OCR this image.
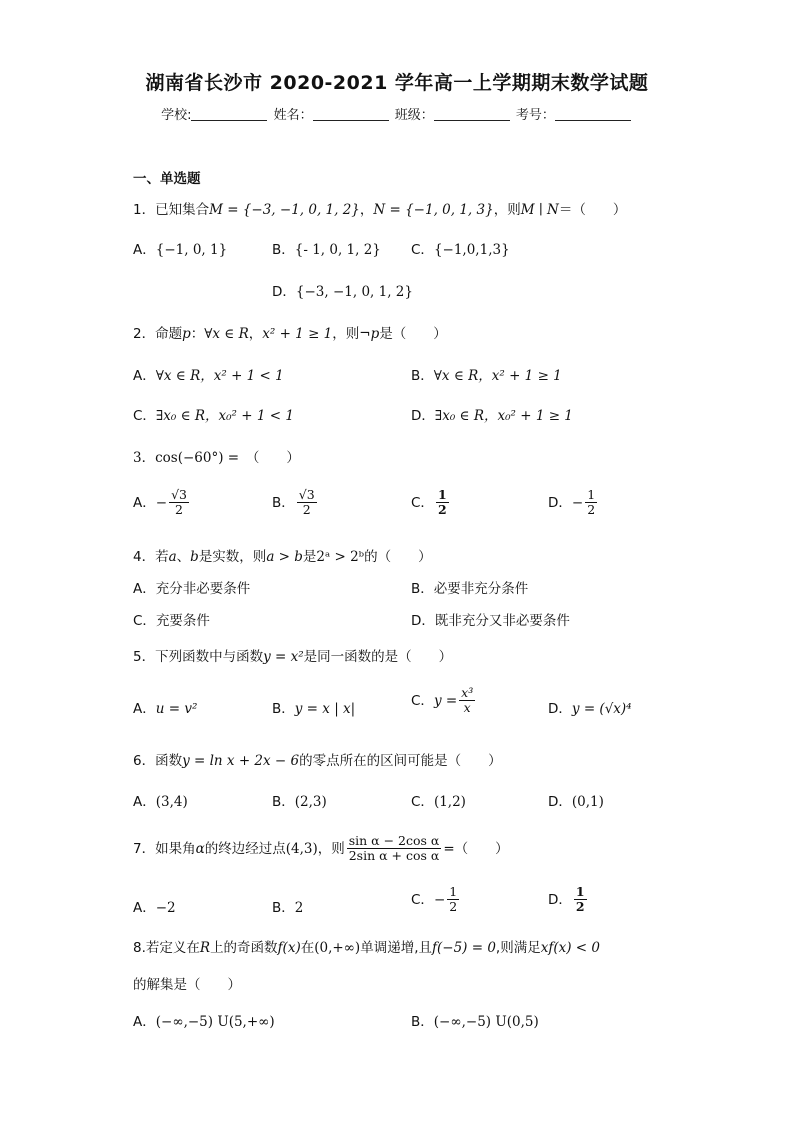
湖南省长沙市 2020-2021 学年高一上学期期末数学试题
学校:	姓名：	班级：	考号：
一、单选题
1．已知集合M = {−3, −1, 0, 1, 2}，N = {−1, 0, 1, 3}，则M ∣ N＝（　　）
A．{−1, 0, 1}	B．{- 1, 0, 1, 2} C．{−1,0,1,3}
D．{−3, −1, 0, 1, 2}
2．命题p：∀x ∈ R，x² + 1 ≥ 1，则¬p是（　　）
A．∀x ∈ R，x² + 1 < 1	B．∀x ∈ R，x² + 1 ≥ 1
C．∃x₀ ∈ R，x₀² + 1 < 1	D．∃x₀ ∈ R，x₀² + 1 ≥ 1
3．cos(−60°) =　（　　）
A．− $\frac{√3}{2}$	B． $\frac{√3}{2}$	C． $\frac{1}{2}$	D．− $\frac{1}{2}$
4．若a、b是实数，则a > b是2ᵃ > 2ᵇ的（　　）
A．充分非必要条件	B．必要非充分条件
C．充要条件	D．既非充分又非必要条件
5．下列函数中与函数y = x²是同一函数的是（　　）
A．u = v²	B．y = x | x|
C．$y = \frac{\text{x³}}{x}$	D．y = (√x)⁴
6．函数y = ln x + 2x − 6的零点所在的区间可能是（　　）
A．(3,4)	B．(2,3)	C．(1,2)	D．(0,1)
7．如果角α的终边经过点(4,3)，则 $\frac{\text{sin α − 2cos α}}{\text{2sin α + cos α}}$ =（　　）
A．−2	B．2
C．− $\frac{1}{2}$	D． $\frac{1}{2}$
8.若定义在R上的奇函数f(x)在(0,+∞)单调递增,且f(−5) = 0,则满足xf(x) < 0
的解集是（　　）
A．(−∞,−5) U(5,+∞)	B．(−∞,−5) U(0,5)
